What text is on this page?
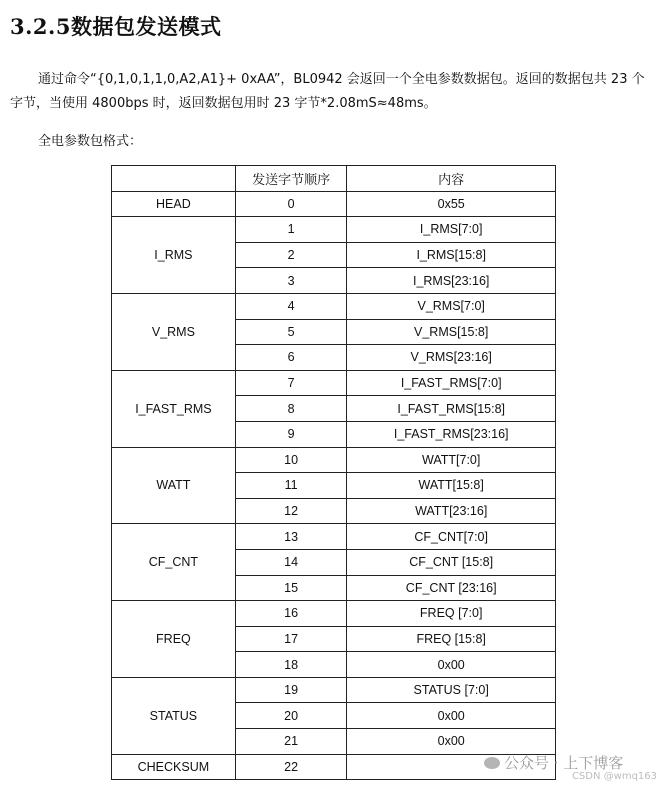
3.2.5数据包发送模式
通过命令“{0,1,0,1,1,0,A2,A1}+ 0xAA”，BL0942 会返回一个全电参数数据包。返回的数据包共 23 个字节，当使用 4800bps 时，返回数据包用时 23 字节*2.08mS≈48ms。
全电参数包格式：
	发送字节顺序	内容
HEAD	0	0x55
I_RMS	1	I_RMS[7:0]
	2	I_RMS[15:8]
	3	I_RMS[23:16]
V_RMS	4	V_RMS[7:0]
	5	V_RMS[15:8]
	6	V_RMS[23:16]
I_FAST_RMS	7	I_FAST_RMS[7:0]
	8	I_FAST_RMS[15:8]
	9	I_FAST_RMS[23:16]
WATT	10	WATT[7:0]
	11	WATT[15:8]
	12	WATT[23:16]
CF_CNT	13	CF_CNT[7:0]
	14	CF_CNT [15:8]
	15	CF_CNT [23:16]
FREQ	16	FREQ [7:0]
	17	FREQ [15:8]
	18	0x00
STATUS	19	STATUS [7:0]
	20	0x00
	21	0x00
CHECKSUM	22		公众号 · 上下博客
CSDN @wmq163
